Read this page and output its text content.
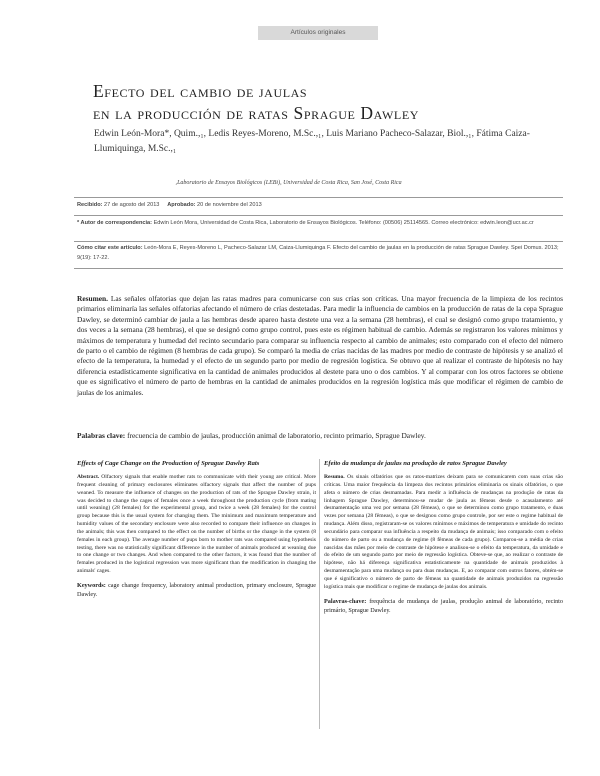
Artículos originales
Efecto del cambio de jaulas
en la producción de ratas Sprague Dawley
Edwin León-Mora*, Quim.,₁, Ledis Reyes-Moreno, M.Sc.,₁, Luis Mariano Pacheco-Salazar, Biol.,₁, Fátima Caiza-Llumiquinga, M.Sc.,₁
₁Laboratorio de Ensayos Biológicos (LEBi), Universidad de Costa Rica, San José, Costa Rica
Recibido: 27 de agosto del 2013 Aprobado: 20 de noviembre del 2013
* Autor de correspondencia: Edwin León Mora, Universidad de Costa Rica, Laboratorio de Ensayos Biológicos. Teléfono: (00506) 25114565. Correo electrónico: edwin.leon@ucr.ac.cr
Cómo citar este artículo: León-Mora E, Reyes-Moreno L, Pacheco-Salazar LM, Caiza-Llumiquinga F. Efecto del cambio de jaulas en la producción de ratas Sprague Dawley. Spei Domus. 2013; 9(19): 17-22.
Resumen. Las señales olfatorias que dejan las ratas madres para comunicarse con sus crías son críticas. Una mayor frecuencia de la limpieza de los recintos primarios eliminaría las señales olfatorias afectando el número de crías destetadas. Para medir la influencia de cambios en la producción de ratas de la cepa Sprague Dawley, se determinó cambiar de jaula a las hembras desde apareo hasta destete una vez a la semana (28 hembras), el cual se designó como grupo tratamiento, y dos veces a la semana (28 hembras), el que se designó como grupo control, pues este es régimen habitual de cambio. Además se registraron los valores mínimos y máximos de temperatura y humedad del recinto secundario para comparar su influencia respecto al cambio de animales; esto comparado con el efecto del número de parto o el cambio de régimen (8 hembras de cada grupo). Se comparó la media de crías nacidas de las madres por medio de contraste de hipótesis y se analizó el efecto de la temperatura, la humedad y el efecto de un segundo parto por medio de regresión logística. Se obtuvo que al realizar el contraste de hipótesis no hay diferencia estadísticamente significativa en la cantidad de animales producidos al destete para uno o dos cambios. Y al comparar con los otros factores se obtiene que es significativo el número de parto de hembras en la cantidad de animales producidos en la regresión logística más que modificar el régimen de cambio de jaulas de los animales.
Palabras clave: frecuencia de cambio de jaulas, producción animal de laboratorio, recinto primario, Sprague Dawley.
Effects of Cage Change on the Production of Sprague Dawley Rats

Abstract. Olfactory signals that enable mother rats to communicate with their young are critical. More frequent cleaning of primary enclosures eliminates olfactory signals that affect the number of pups weaned. To measure the influence of changes on the production of rats of the Sprague Dawley strain, it was decided to change the cages of females once a week throughout the production cycle (from mating until weaning) (28 females) for the experimental group, and twice a week (28 females) for the control group because this is the usual system for changing them. The minimum and maximum temperature and humidity values of the secondary enclosure were also recorded to compare their influence on changes in the animals; this was then compared to the effect on the number of births or the change in the system (8 females in each group). The average number of pups born to mother rats was compared using hypothesis testing, there was no statistically significant difference in the number of animals produced at weaning due to one change or two changes. And when compared to the other factors, it was found that the number of females produced in the logistical regression was more significant than the modification in changing the animals' cages.

Keywords: cage change frequency, laboratory animal production, primary enclosure, Sprague Dawley.

Efeito da mudança de jaulas na produção de ratos Sprague Dawley

Resumo. Os sinais olfatórios que os ratos-matrizes deixam para se comunicarem com suas crias são críticas. Uma maior frequência da limpeza dos recintos primários eliminaria os sinais olfatórios, o que afeta o número de crias desmamadas. Para medir a influência de mudanças na produção de ratas da linhagem Sprague Dawley, determinou-se mudar de jaula as fêmeas desde o acasalamento até desmamentação uma vez por semana (28 fêmeas), o que se determinou como grupo tratamento, e duas vezes por semana (28 fêmeas), o que se designou como grupo controle, por ser este o regime habitual de mudança. Além disso, registraram-se os valores mínimos e máximos de temperatura e umidade do recinto secundário para comparar sua influência a respeito da mudança de animais; isso comparado com o efeito do número de parto ou a mudança de regime (8 fêmeas de cada grupo). Comparou-se a média de crias nascidas das mães por meio de contraste de hipótese e analisou-se o efeito da temperatura, da umidade e do efeito de um segundo parto por meio de regressão logística. Obteve-se que, ao realizar o contraste de hipótese, não há diferença significativa estatisticamente na quantidade de animais produzidos à desmamentação para uma mudança ou para duas mudanças. E, ao comparar com outros fatores, obtém-se que é significativo o número de parto de fêmeas na quantidade de animais produzidos na regressão logística mais que modificar o regime de mudança de jaulas dos animais.

Palavras-chave: frequência de mudança de jaulas, produção animal de laboratório, recinto primário, Sprague Dawley.
